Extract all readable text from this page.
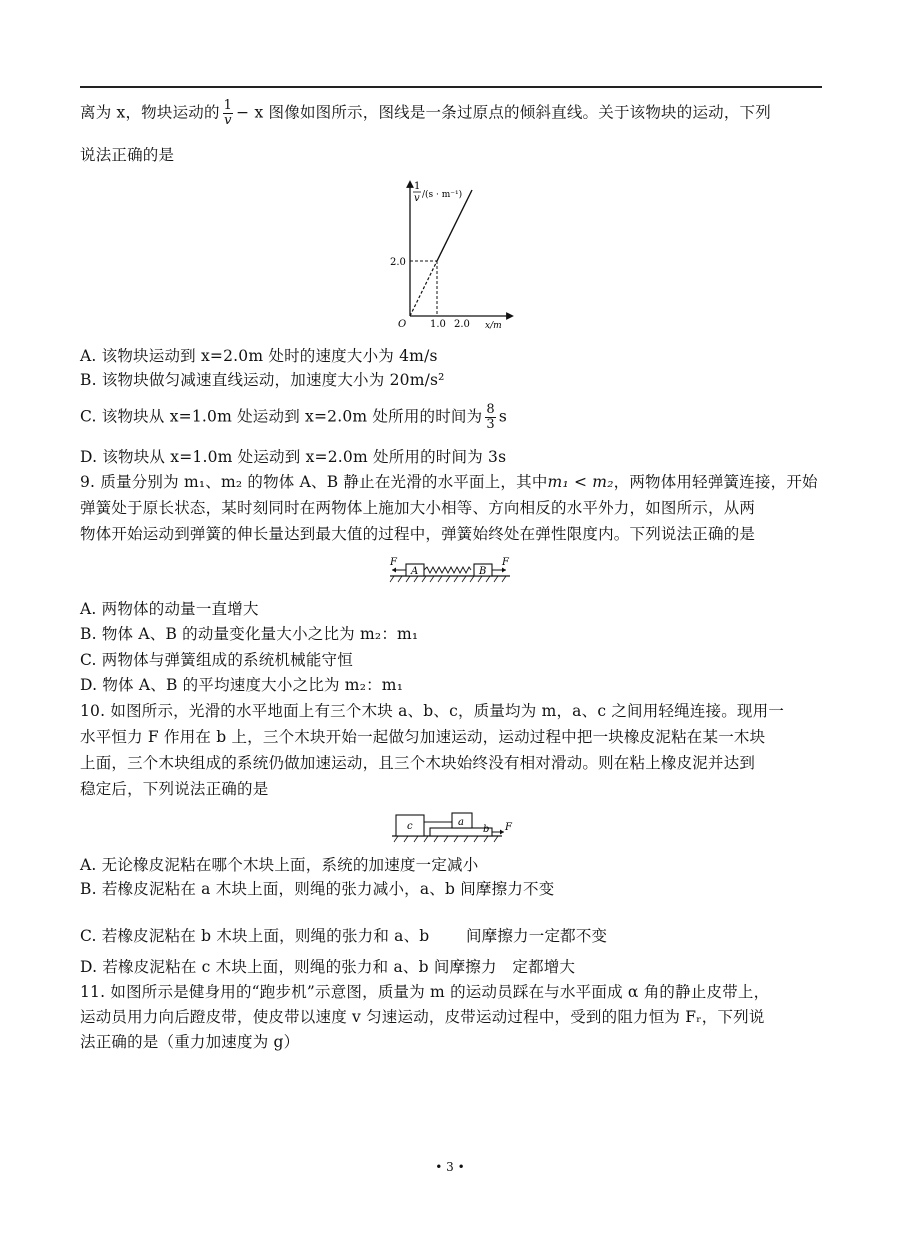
离为 x，物块运动的 $\frac{1}{v} - x$ 图像如图所示，图线是一条过原点的倾斜直线。关于该物块的运动，下列
说法正确的是
1
v /(s · m⁻¹)
2.0
O 1.0 2.0 x/m
A. 该物块运动到 x=2.0m 处时的速度大小为 4m/s
B. 该物块做匀减速直线运动，加速度大小为 20m/s²
C. 该物块从 x=1.0m 处运动到 x=2.0m 处所用的时间为 $\frac{8}{3}$ s
D. 该物块从 x=1.0m 处运动到 x=2.0m 处所用的时间为 3s
9. 质量分别为 m₁、m₂ 的物体 A、B 静止在光滑的水平面上，其中m₁ < m₂，两物体用轻弹簧连接，开始
弹簧处于原长状态，某时刻同时在两物体上施加大小相等、方向相反的水平外力，如图所示，从两
物体开始运动到弹簧的伸长量达到最大值的过程中，弹簧始终处在弹性限度内。下列说法正确的是
A	B
F	F
A. 两物体的动量一直增大
B. 物体 A、B 的动量变化量大小之比为 m₂：m₁
C. 两物体与弹簧组成的系统机械能守恒
D. 物体 A、B 的平均速度大小之比为 m₂：m₁
10. 如图所示，光滑的水平地面上有三个木块 a、b、c，质量均为 m，a、c 之间用轻绳连接。现用一
水平恒力 F 作用在 b 上，三个木块开始一起做匀加速运动，运动过程中把一块橡皮泥粘在某一木块
上面，三个木块组成的系统仍做加速运动，且三个木块始终没有相对滑动。则在粘上橡皮泥并达到
稳定后，下列说法正确的是
c	a
b F
A. 无论橡皮泥粘在哪个木块上面，系统的加速度一定减小
B. 若橡皮泥粘在 a 木块上面，则绳的张力减小，a、b 间摩擦力不变
C. 若橡皮泥粘在 b 木块上面，则绳的张力和 a、b 　　间摩擦力一定都不变
D. 若橡皮泥粘在 c 木块上面，则绳的张力和 a、b 间摩擦力　定都增大
11. 如图所示是健身用的“跑步机”示意图，质量为 m 的运动员踩在与水平面成 α 角的静止皮带上，
运动员用力向后蹬皮带，使皮带以速度 v 匀速运动，皮带运动过程中，受到的阻力恒为 Fᵣ，下列说
法正确的是（重力加速度为 g）
• 3 •
